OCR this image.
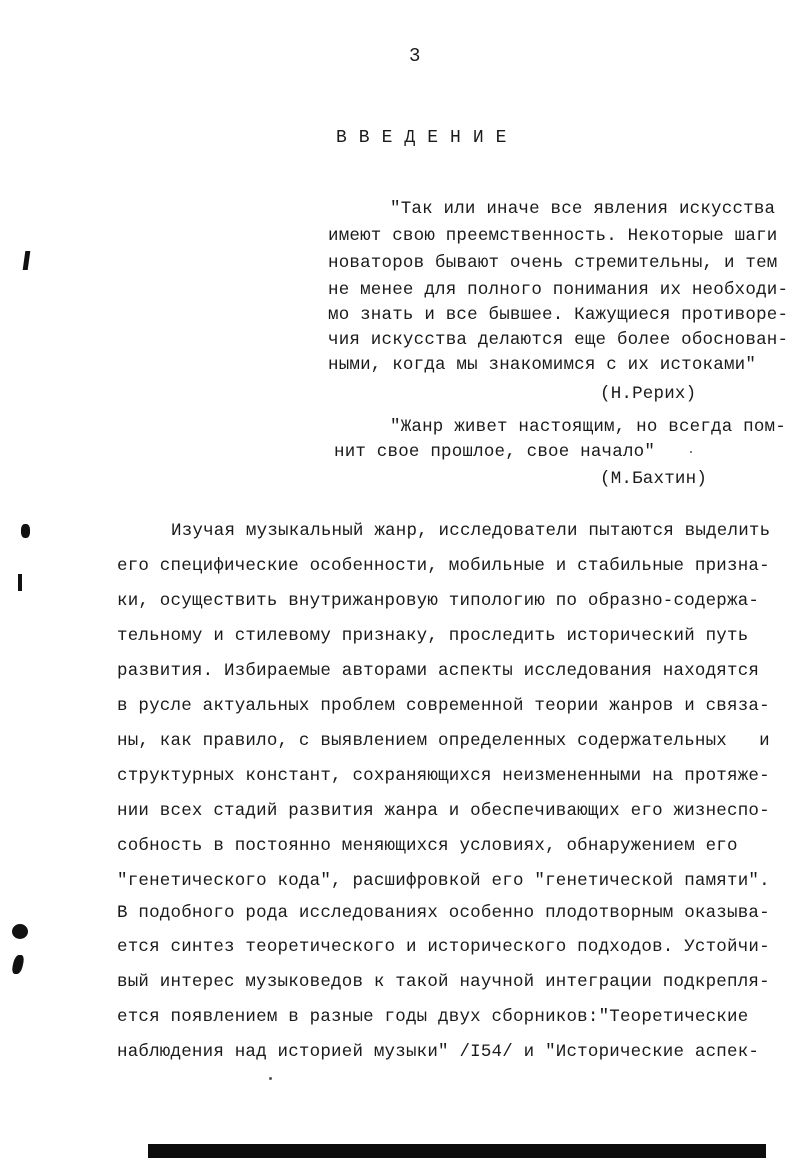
3
В В Е Д Е Н И Е
"Так или иначе все явления искусства
имеют свою преемственность. Некоторые шаги
новаторов бывают очень стремительны, и тем
не менее для полного понимания их необходи-
мо знать и все бывшее. Кажущиеся противоре-
чия искусства делаются еще более обоснован-
ными, когда мы знакомимся с их истоками"
(Н.Рерих)
"Жанр живет настоящим, но всегда пом-
нит свое прошлое, свое начало"
(М.Бахтин)
Изучая музыкальный жанр, исследователи пытаются выделить
его специфические особенности, мобильные и стабильные призна-
ки, осуществить внутрижанровую типологию по образно-содержа-
тельному и стилевому признаку, проследить исторический путь
развития. Избираемые авторами аспекты исследования находятся
в русле актуальных проблем современной теории жанров и связа-
ны, как правило, с выявлением определенных содержательных   и
структурных констант, сохраняющихся неизмененными на протяже-
нии всех стадий развития жанра и обеспечивающих его жизнеспо-
собность в постоянно меняющихся условиях, обнаружением его
"генетического кода", расшифровкой его "генетической памяти".
В подобного рода исследованиях особенно плодотворным оказыва-
ется синтез теоретического и исторического подходов. Устойчи-
вый интерес музыковедов к такой научной интеграции подкрепля-
ется появлением в разные годы двух сборников:"Теоретические
наблюдения над историей музыки" /I54/ и "Исторические аспек-
